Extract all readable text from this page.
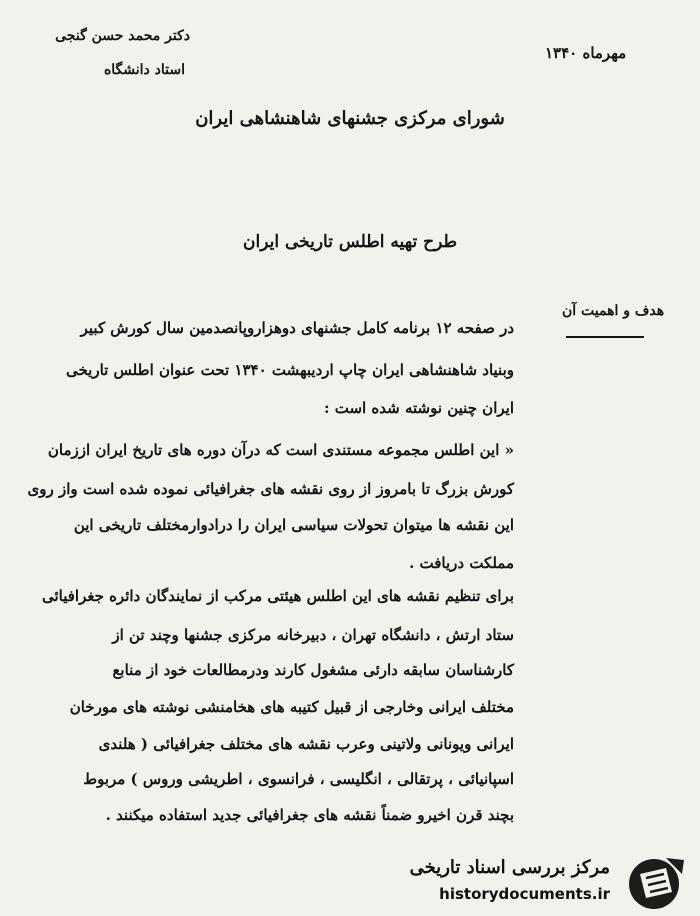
دکتر محمد حسن گنجی
استاد دانشگاه
مهرماه ۱۳۴۰
شورای مرکزی جشنهای شاهنشاهی ایران
طرح تهیه اطلس تاریخی ایران
هدف و اهمیت آن
در صفحه ۱۲ برنامه کامل جشنهای دوهزاروپانصدمین سال کورش کبیر
وبنیاد شاهنشاهی ایران چاپ اردیبهشت ۱۳۴۰ تحت عنوان اطلس تاریخی
ایران چنین نوشته شده است :
« این اطلس مجموعه مستندی است که درآن دوره های تاریخ ایران اززمان
کورش بزرگ تا بامروز از روی نقشه های جغرافیائی نموده شده است واز روی
این نقشه ها میتوان تحولات سیاسی ایران را درادوارمختلف تاریخی این
مملکت دریافت .
برای تنظیم نقشه های این اطلس هیئتی مرکب از نمایندگان دائره جغرافیائی
ستاد ارتش ، دانشگاه تهران ، دبیرخانه مرکزی جشنها وچند تن از
کارشناسان سابقه دارئی مشغول کارند ودرمطالعات خود از منابع
مختلف ایرانی وخارجی از قبیل کتیبه های هخامنشی نوشته های مورخان
ایرانی ویونانی ولاتینی وعرب نقشه های مختلف جغرافیائی ( هلندی
اسپانیائی ، پرتقالی ، انگلیسی ، فرانسوی ، اطریشی وروس ) مربوط
بچند قرن اخیرو ضمناً نقشه های جغرافیائی جدید استفاده میکنند .
مرکز بررسی اسناد تاریخی
historydocuments.ir
